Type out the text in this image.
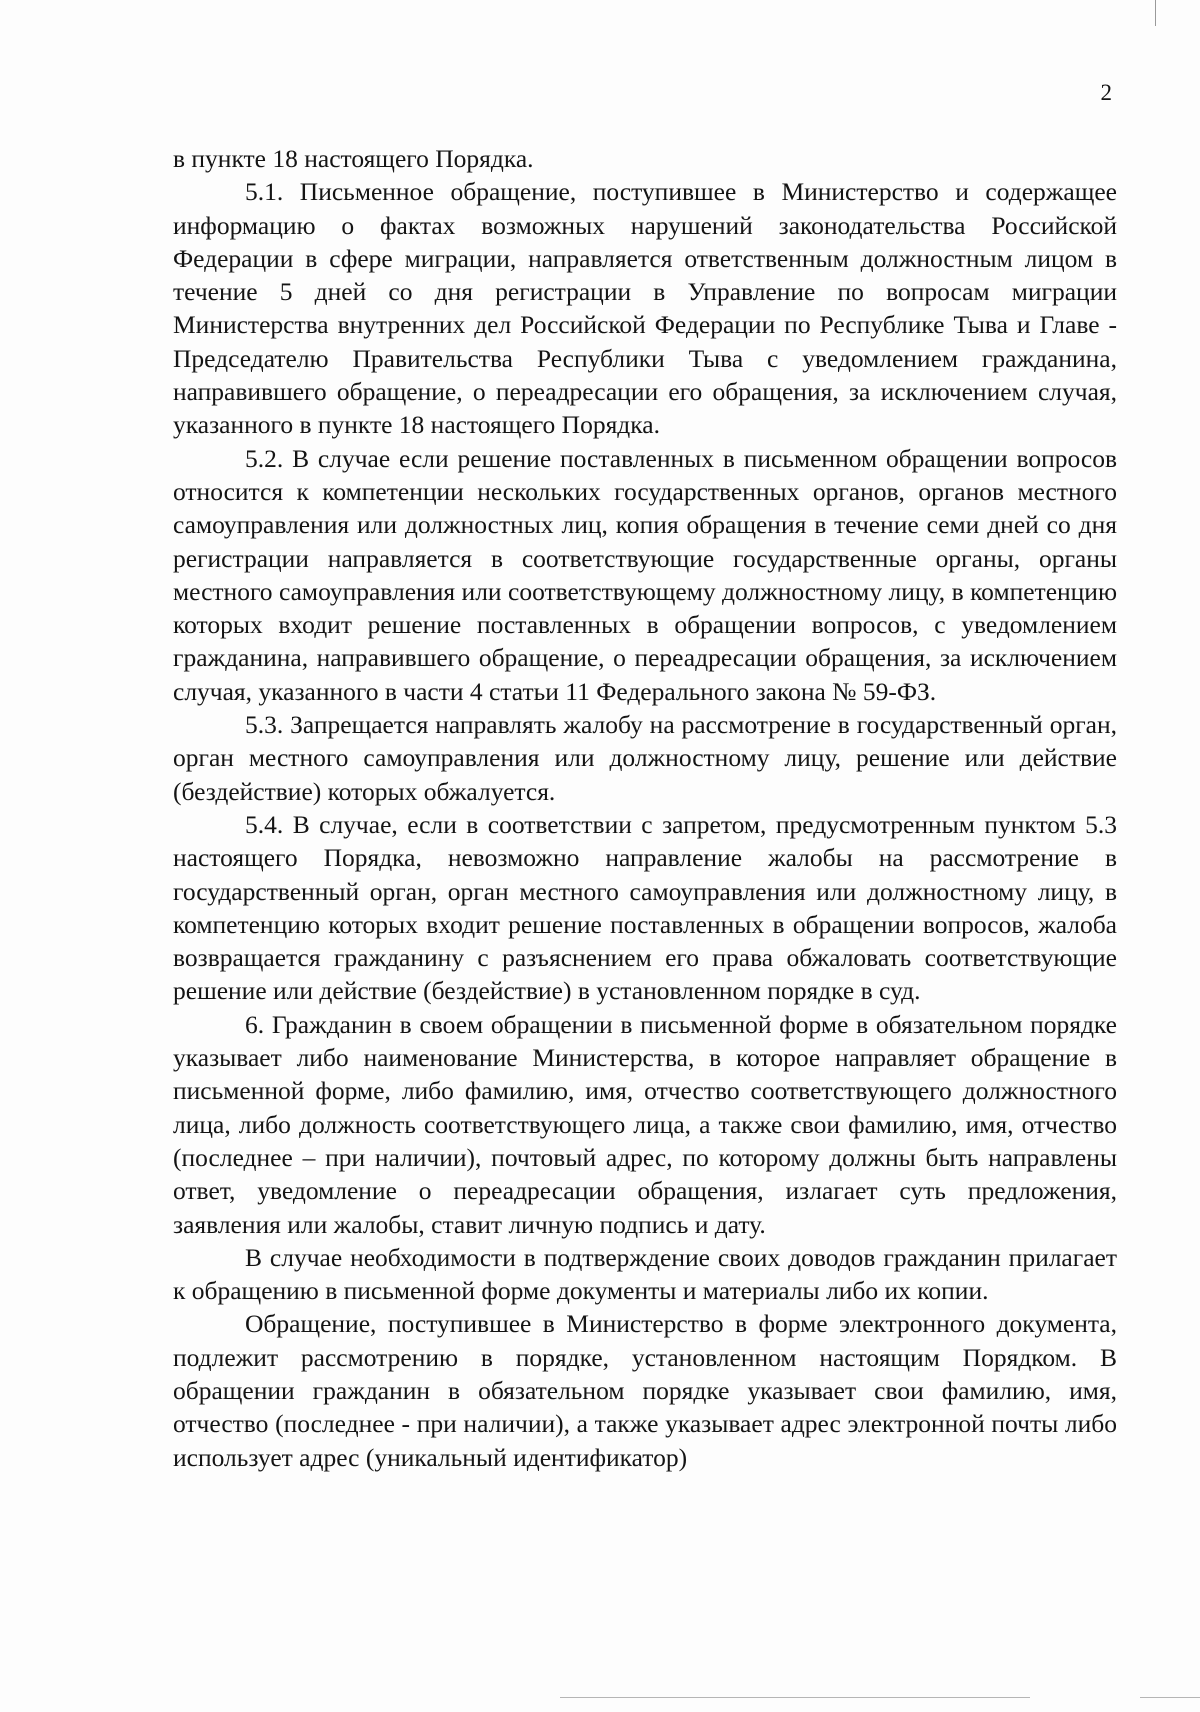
2

в пункте 18 настоящего Порядка.

5.1. Письменное обращение, поступившее в Министерство и содержащее информацию о фактах возможных нарушений законодательства Российской Федерации в сфере миграции, направляется ответственным должностным лицом в течение 5 дней со дня регистрации в Управление по вопросам миграции Министерства внутренних дел Российской Федерации по Республике Тыва и Главе - Председателю Правительства Республики Тыва с уведомлением гражданина, направившего обращение, о переадресации его обращения, за исключением случая, указанного в пункте 18 настоящего Порядка.

5.2. В случае если решение поставленных в письменном обращении вопросов относится к компетенции нескольких государственных органов, органов местного самоуправления или должностных лиц, копия обращения в течение семи дней со дня регистрации направляется в соответствующие государственные органы, органы местного самоуправления или соответствующему должностному лицу, в компетенцию которых входит решение поставленных в обращении вопросов, с уведомлением гражданина, направившего обращение, о переадресации обращения, за исключением случая, указанного в части 4 статьи 11 Федерального закона № 59-ФЗ.

5.3. Запрещается направлять жалобу на рассмотрение в государственный орган, орган местного самоуправления или должностному лицу, решение или действие (бездействие) которых обжалуется.

5.4. В случае, если в соответствии с запретом, предусмотренным пунктом 5.3 настоящего Порядка, невозможно направление жалобы на рассмотрение в государственный орган, орган местного самоуправления или должностному лицу, в компетенцию которых входит решение поставленных в обращении вопросов, жалоба возвращается гражданину с разъяснением его права обжаловать соответствующие решение или действие (бездействие) в установленном порядке в суд.

6. Гражданин в своем обращении в письменной форме в обязательном порядке указывает либо наименование Министерства, в которое направляет обращение в письменной форме, либо фамилию, имя, отчество соответствующего должностного лица, либо должность соответствующего лица, а также свои фамилию, имя, отчество (последнее – при наличии), почтовый адрес, по которому должны быть направлены ответ, уведомление о переадресации обращения, излагает суть предложения, заявления или жалобы, ставит личную подпись и дату.

В случае необходимости в подтверждение своих доводов гражданин прилагает к обращению в письменной форме документы и материалы либо их копии.

Обращение, поступившее в Министерство в форме электронного документа, подлежит рассмотрению в порядке, установленном настоящим Порядком. В обращении гражданин в обязательном порядке указывает свои фамилию, имя, отчество (последнее - при наличии), а также указывает адрес электронной почты либо использует адрес (уникальный идентификатор)
